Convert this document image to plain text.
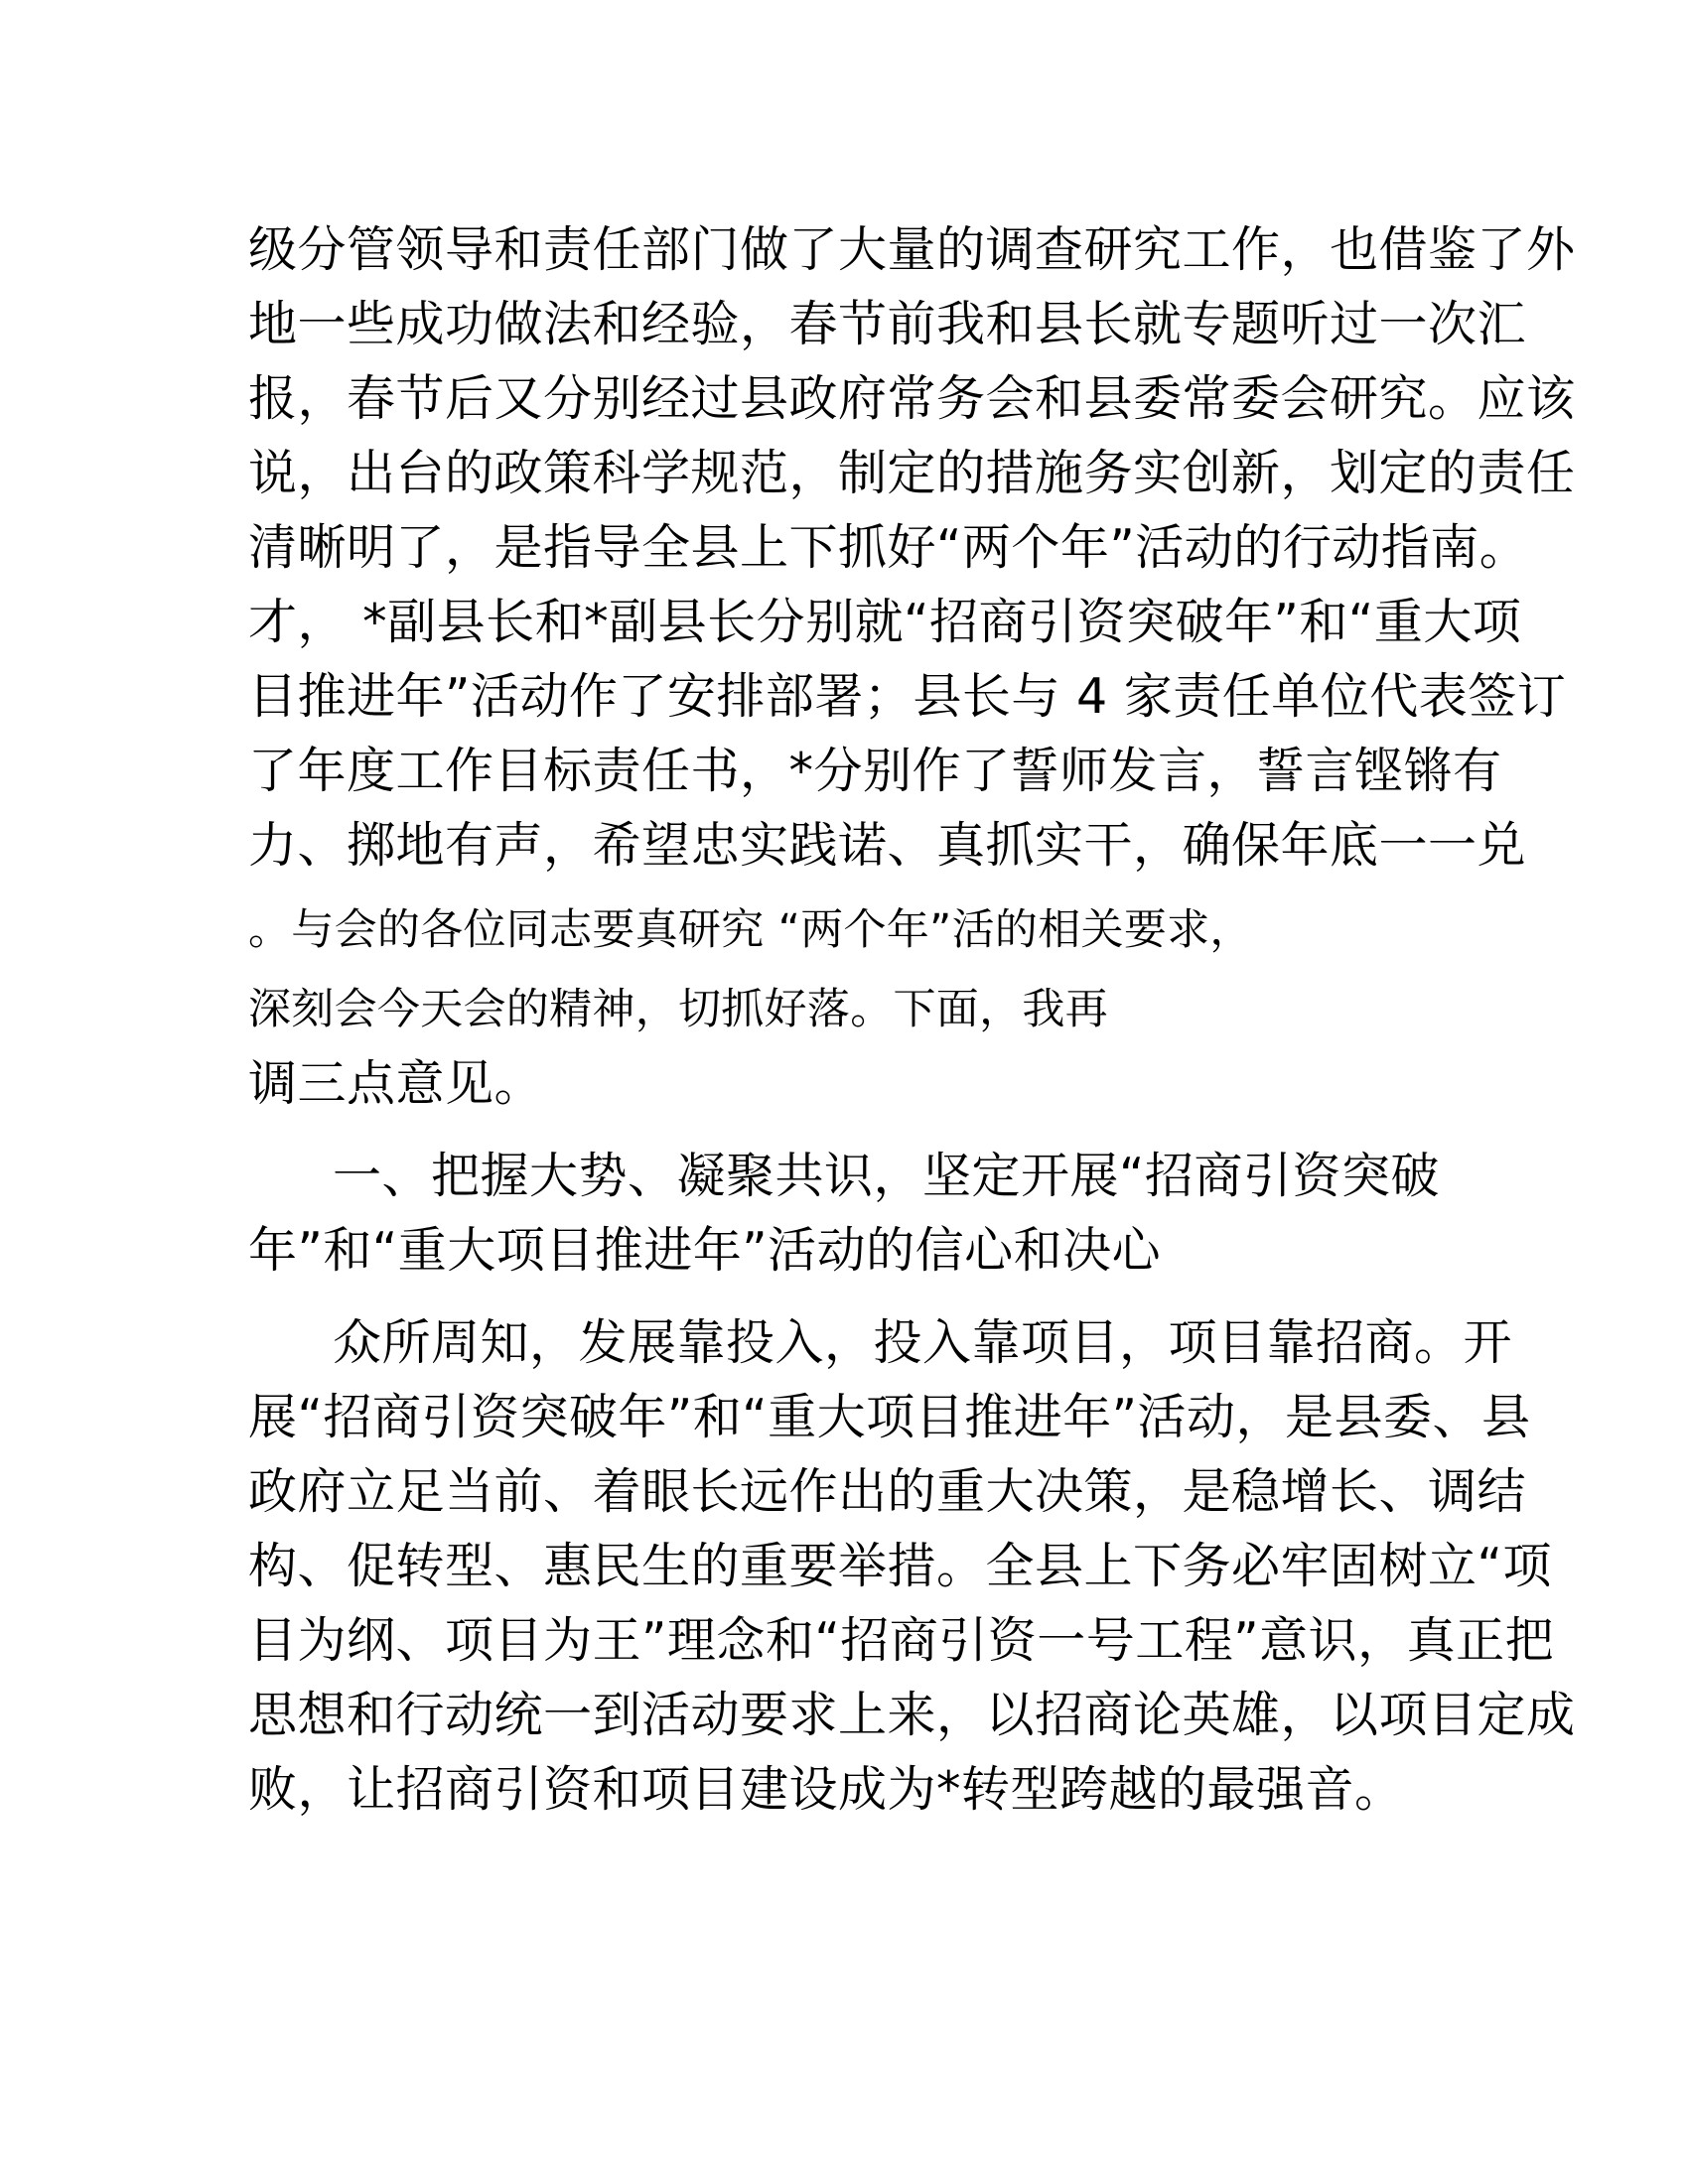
级分管领导和责任部门做了大量的调查研究工作，也借鉴了外
地一些成功做法和经验，春节前我和县长就专题听过一次汇
报，春节后又分别经过县政府常务会和县委常委会研究。应该
说，出台的政策科学规范，制定的措施务实创新，划定的责任
清晰明了，是指导全县上下抓好“两个年”活动的行动指南。
才， *副县长和*副县长分别就“招商引资突破年”和“重大项
目推进年”活动作了安排部署；县长与 4 家责任单位代表签订
了年度工作目标责任书，*分别作了誓师发言，誓言铿锵有
力、掷地有声，希望忠实践诺、真抓实干，确保年底一一兑
。与会的各位同志要真研究 “两个年”活的相关要求，
深刻会今天会的精神，切抓好落。下面，我再
调三点意见。
一、把握大势、凝聚共识，坚定开展“招商引资突破
年”和“重大项目推进年”活动的信心和决心
众所周知，发展靠投入，投入靠项目，项目靠招商。开
展“招商引资突破年”和“重大项目推进年”活动，是县委、县
政府立足当前、着眼长远作出的重大决策，是稳增长、调结
构、促转型、惠民生的重要举措。全县上下务必牢固树立“项
目为纲、项目为王”理念和“招商引资一号工程”意识，真正把
思想和行动统一到活动要求上来，以招商论英雄，以项目定成
败，让招商引资和项目建设成为*转型跨越的最强音。
